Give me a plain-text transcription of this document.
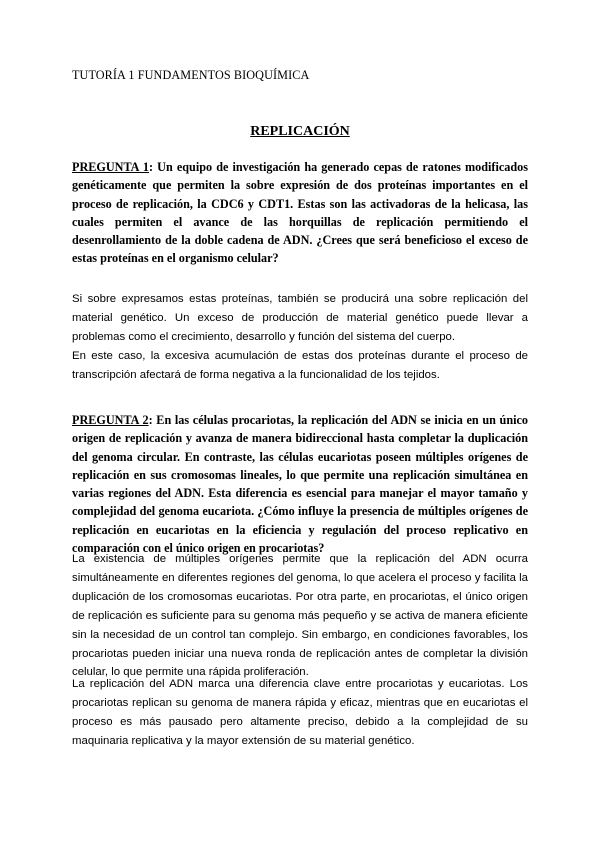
TUTORÍA 1 FUNDAMENTOS BIOQUÍMICA
REPLICACIÓN
PREGUNTA 1: Un equipo de investigación ha generado cepas de ratones modificados genéticamente que permiten la sobre expresión de dos proteínas importantes en el proceso de replicación, la CDC6 y CDT1. Estas son las activadoras de la helicasa, las cuales permiten el avance de las horquillas de replicación permitiendo el desenrollamiento de la doble cadena de ADN. ¿Crees que será beneficioso el exceso de estas proteínas en el organismo celular?

Si sobre expresamos estas proteínas, también se producirá una sobre replicación del material genético. Un exceso de producción de material genético puede llevar a problemas como el crecimiento, desarrollo y función del sistema del cuerpo.

En este caso, la excesiva acumulación de estas dos proteínas durante el proceso de transcripción afectará de forma negativa a la funcionalidad de los tejidos.

PREGUNTA 2: En las células procariotas, la replicación del ADN se inicia en un único origen de replicación y avanza de manera bidireccional hasta completar la duplicación del genoma circular. En contraste, las células eucariotas poseen múltiples orígenes de replicación en sus cromosomas lineales, lo que permite una replicación simultánea en varias regiones del ADN. Esta diferencia es esencial para manejar el mayor tamaño y complejidad del genoma eucariota. ¿Cómo influye la presencia de múltiples orígenes de replicación en eucariotas en la eficiencia y regulación del proceso replicativo en comparación con el único origen en procariotas?
La existencia de múltiples orígenes permite que la replicación del ADN ocurra simultáneamente en diferentes regiones del genoma, lo que acelera el proceso y facilita la duplicación de los cromosomas eucariotas. Por otra parte, en procariotas, el único origen de replicación es suficiente para su genoma más pequeño y se activa de manera eficiente sin la necesidad de un control tan complejo. Sin embargo, en condiciones favorables, los procariotas pueden iniciar una nueva ronda de replicación antes de completar la división celular, lo que permite una rápida proliferación.
La replicación del ADN marca una diferencia clave entre procariotas y eucariotas. Los procariotas replican su genoma de manera rápida y eficaz, mientras que en eucariotas el proceso es más pausado pero altamente preciso, debido a la complejidad de su maquinaria replicativa y la mayor extensión de su material genético.
